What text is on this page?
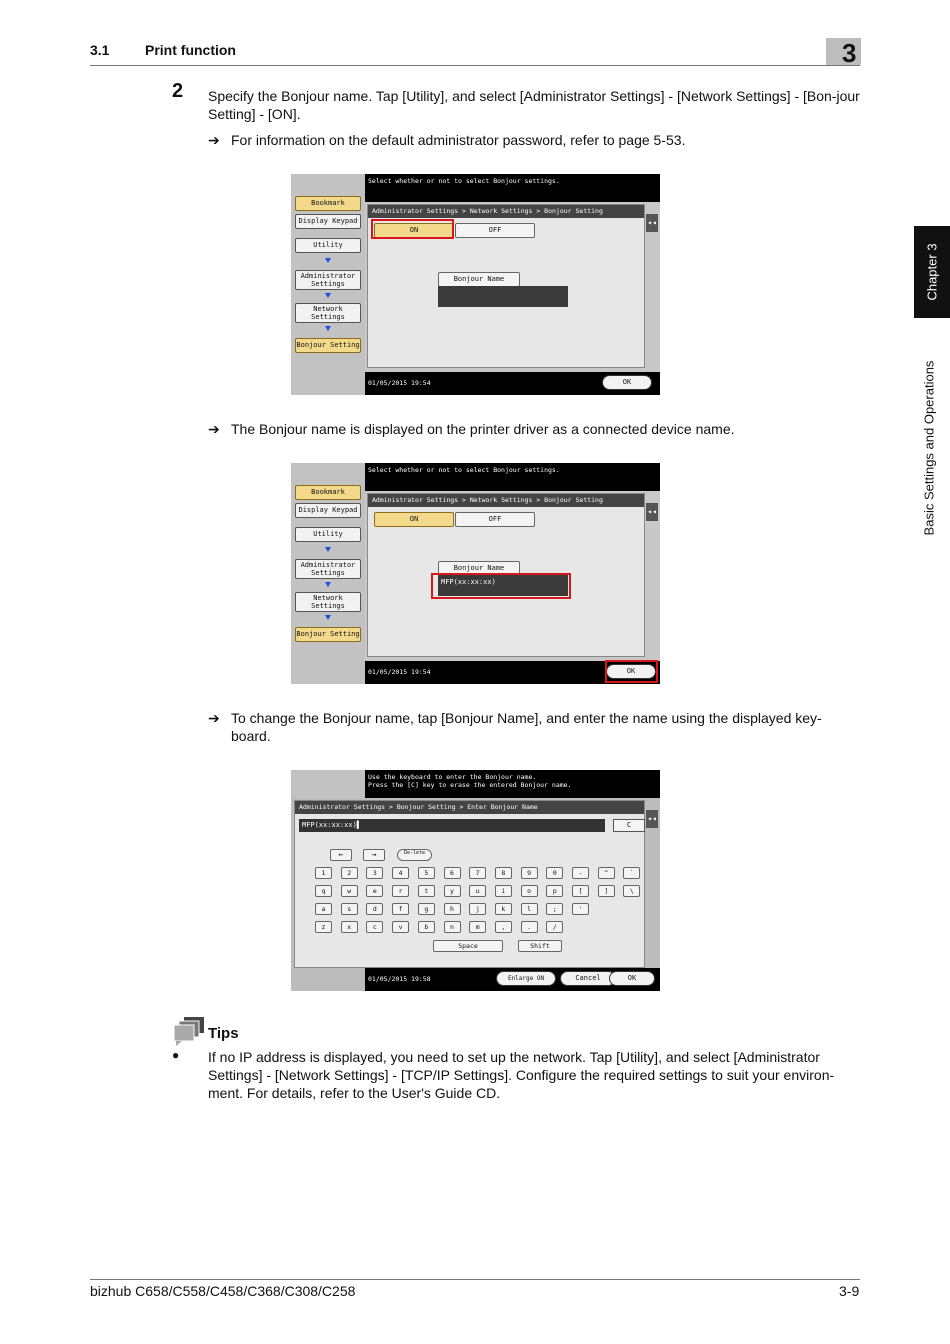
3.1	Print function	3
Chapter 3
Basic Settings and Operations
2 Specify the Bonjour name. Tap [Utility], and select [Administrator Settings] - [Network Settings] - [Bon-jour Setting] - [ON].
➔ For information on the default administrator password, refer to page 5-53.
Bookmark
Display Keypad
Utility
Administrator Settings
Network Settings
Bonjour Setting
Select whether or not to select Bonjour settings.
Administrator Settings > Network Settings > Bonjour Setting
ON	OFF
Bonjour Name
◂◂
01/05/2015 19:54	OK
➔ The Bonjour name is displayed on the printer driver as a connected device name.
Bookmark
Display Keypad
Utility
Administrator Settings
Network Settings
Bonjour Setting
Select whether or not to select Bonjour settings.
Administrator Settings > Network Settings > Bonjour Setting
ON	OFF
Bonjour Name
MFP(xx:xx:xx)
◂◂
01/05/2015 19:54	OK
➔ To change the Bonjour name, tap [Bonjour Name], and enter the name using the displayed key-board.
Use the keyboard to enter the Bonjour name.
Press the [C] key to erase the entered Bonjour name.
Administrator Settings > Bonjour Setting > Enter Bonjour Name
MFP(xx:xx:xx)▌	C
←	→	De-lete
1	2	3	4	5	6	7	8	9	0	-	^	`
q	w	e	r	t	y	u	i	o	p	[	]	\
a	s	d	f	g	h	j	k	l	;	'
z	x	c	v	b	n	m	,	.	/
Space	Shift
◂◂
01/05/2015 19:58	Enlarge ON	Cancel	OK
Tips
● If no IP address is displayed, you need to set up the network. Tap [Utility], and select [Administrator Settings] - [Network Settings] - [TCP/IP Settings]. Configure the required settings to suit your environ-ment. For details, refer to the User's Guide CD.
bizhub C658/C558/C458/C368/C308/C258	3-9
